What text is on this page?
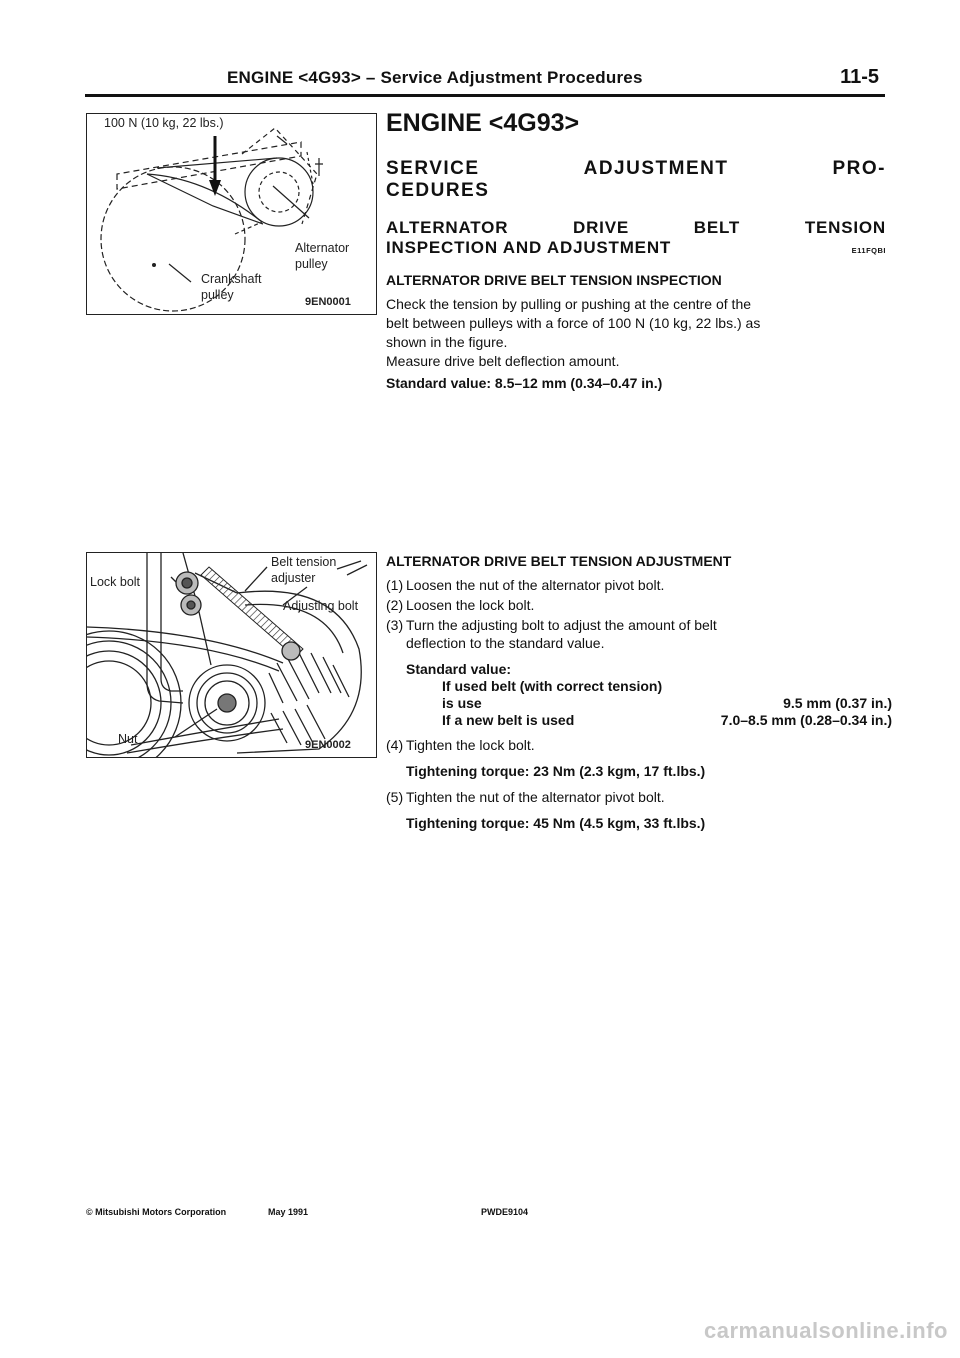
ENGINE <4G93> – Service Adjustment Procedures	11-5
100 N (10 kg, 22 lbs.)
Alternator
pulley
Crankshaft
pulley	9EN0001
Belt tension
adjuster
Lock bolt
Adjusting bolt
Nut	9EN0002
ENGINE <4G93>
SERVICE	ADJUSTMENT	PRO-
CEDURES
ALTERNATOR	DRIVE	BELT	TENSION
INSPECTION AND ADJUSTMENT	E11FQBI
ALTERNATOR DRIVE BELT TENSION INSPECTION
Check the tension by pulling or pushing at the centre of the
belt between pulleys with a force of 100 N (10 kg, 22 lbs.) as
shown in the figure.
Measure drive belt deflection amount.
Standard value: 8.5–12 mm (0.34–0.47 in.)
ALTERNATOR DRIVE BELT TENSION ADJUSTMENT
(1) Loosen the nut of the alternator pivot bolt.
(2) Loosen the lock bolt.
(3) Turn the adjusting bolt to adjust the amount of belt
deflection to the standard value.
Standard value:
If used belt (with correct tension)
is use	9.5 mm (0.37 in.)
If a new belt is used	7.0–8.5 mm (0.28–0.34 in.)
(4) Tighten the lock bolt.
Tightening torque: 23 Nm (2.3 kgm, 17 ft.lbs.)
(5) Tighten the nut of the alternator pivot bolt.
Tightening torque: 45 Nm (4.5 kgm, 33 ft.lbs.)
© Mitsubishi Motors Corporation	May 1991	PWDE9104
carmanualsonline.info
